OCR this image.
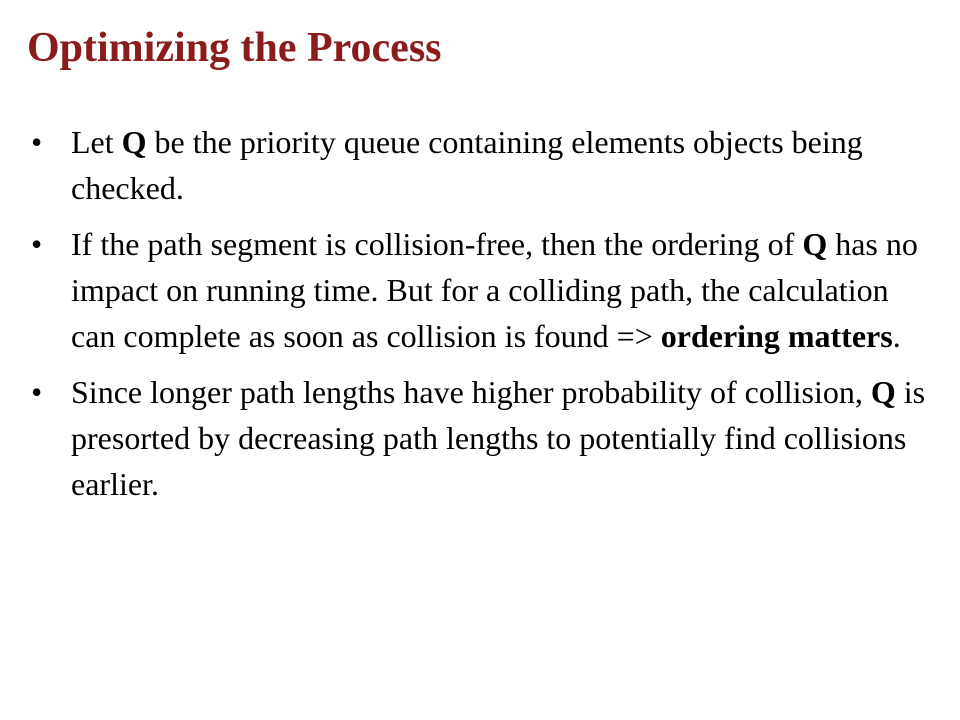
Optimizing the Process
• Let Q be the priority queue containing elements objects being checked.
• If the path segment is collision-free, then the ordering of Q has no impact on running time. But for a colliding path, the calculation can complete as soon as collision is found => ordering matters.
• Since longer path lengths have higher probability of collision, Q is presorted by decreasing path lengths to potentially find collisions earlier.
